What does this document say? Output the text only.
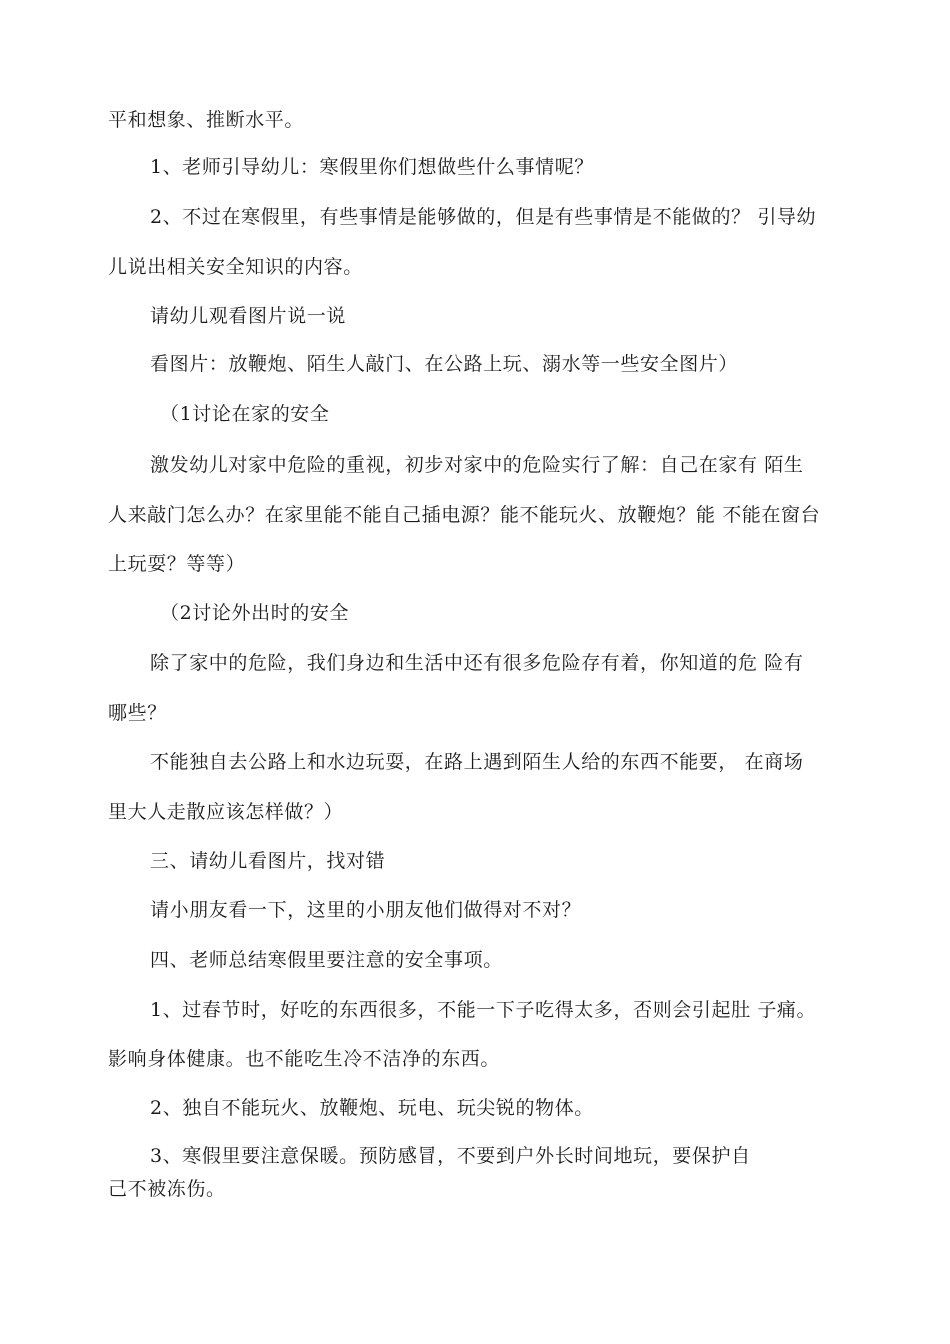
平和想象、推断水平。
1、老师引导幼儿：寒假里你们想做些什么事情呢？
2、不过在寒假里，有些事情是能够做的，但是有些事情是不能做的？ 引导幼
儿说出相关安全知识的内容。
请幼儿观看图片说一说
看图片：放鞭炮、陌生人敲门、在公路上玩、溺水等一些安全图片）
（1讨论在家的安全
激发幼儿对家中危险的重视，初步对家中的危险实行了解：自己在家有 陌生
人来敲门怎么办？在家里能不能自己插电源？能不能玩火、放鞭炮？能 不能在窗台
上玩耍？等等）
（2讨论外出时的安全
除了家中的危险，我们身边和生活中还有很多危险存有着，你知道的危 险有
哪些？
不能独自去公路上和水边玩耍，在路上遇到陌生人给的东西不能要， 在商场
里大人走散应该怎样做？）
三、请幼儿看图片，找对错
请小朋友看一下，这里的小朋友他们做得对不对？
四、老师总结寒假里要注意的安全事项。
1、过春节时，好吃的东西很多，不能一下子吃得太多，否则会引起肚 子痛。
影响身体健康。也不能吃生冷不洁净的东西。
2、独自不能玩火、放鞭炮、玩电、玩尖锐的物体。
3、寒假里要注意保暖。预防感冒，不要到户外长时间地玩，要保护自
己不被冻伤。
